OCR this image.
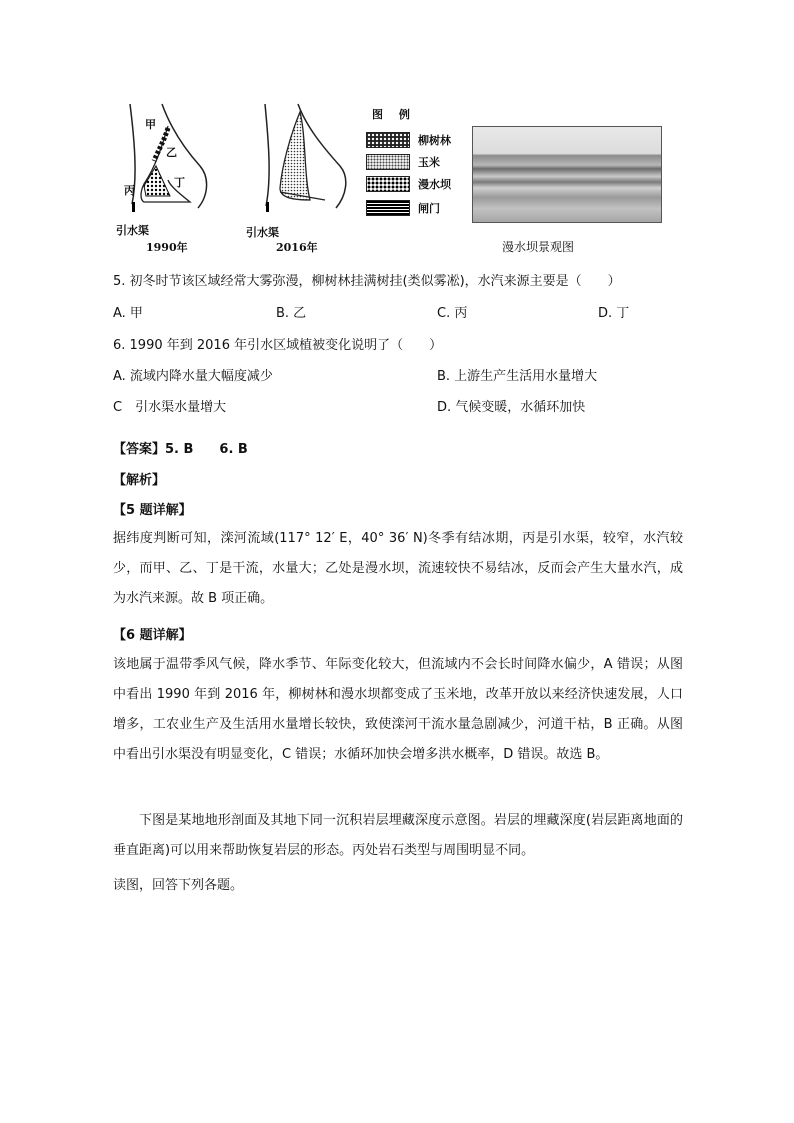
甲
乙
丙
丁
引水渠
1990年
引水渠
2016年
图 例
柳树林
玉米
漫水坝
闸门
漫水坝景观图
5. 初冬时节该区域经常大雾弥漫，柳树林挂满树挂(类似雾凇)，水汽来源主要是（　　）
A. 甲	B. 乙	C. 丙	D. 丁
6. 1990 年到 2016 年引水区域植被变化说明了（　　）
A. 流域内降水量大幅度减少	B. 上游生产生活用水量增大
C　引水渠水量增大	D. 气候变暖，水循环加快
【答案】5. B　　6. B
【解析】
【5 题详解】
据纬度判断可知，滦河流域(117° 12′ E，40° 36′ N)冬季有结冰期，丙是引水渠，较窄，水汽较少，而甲、乙、丁是干流，水量大；乙处是漫水坝，流速较快不易结冰，反而会产生大量水汽，成为水汽来源。故 B 项正确。
【6 题详解】
该地属于温带季风气候，降水季节、年际变化较大，但流域内不会长时间降水偏少，A 错误；从图中看出 1990 年到 2016 年，柳树林和漫水坝都变成了玉米地，改革开放以来经济快速发展，人口增多，工农业生产及生活用水量增长较快，致使滦河干流水量急剧减少，河道干枯，B 正确。从图中看出引水渠没有明显变化，C 错误；水循环加快会增多洪水概率，D 错误。故选 B。
下图是某地地形剖面及其地下同一沉积岩层埋藏深度示意图。岩层的埋藏深度(岩层距离地面的垂直距离)可以用来帮助恢复岩层的形态。丙处岩石类型与周围明显不同。
读图，回答下列各题。
